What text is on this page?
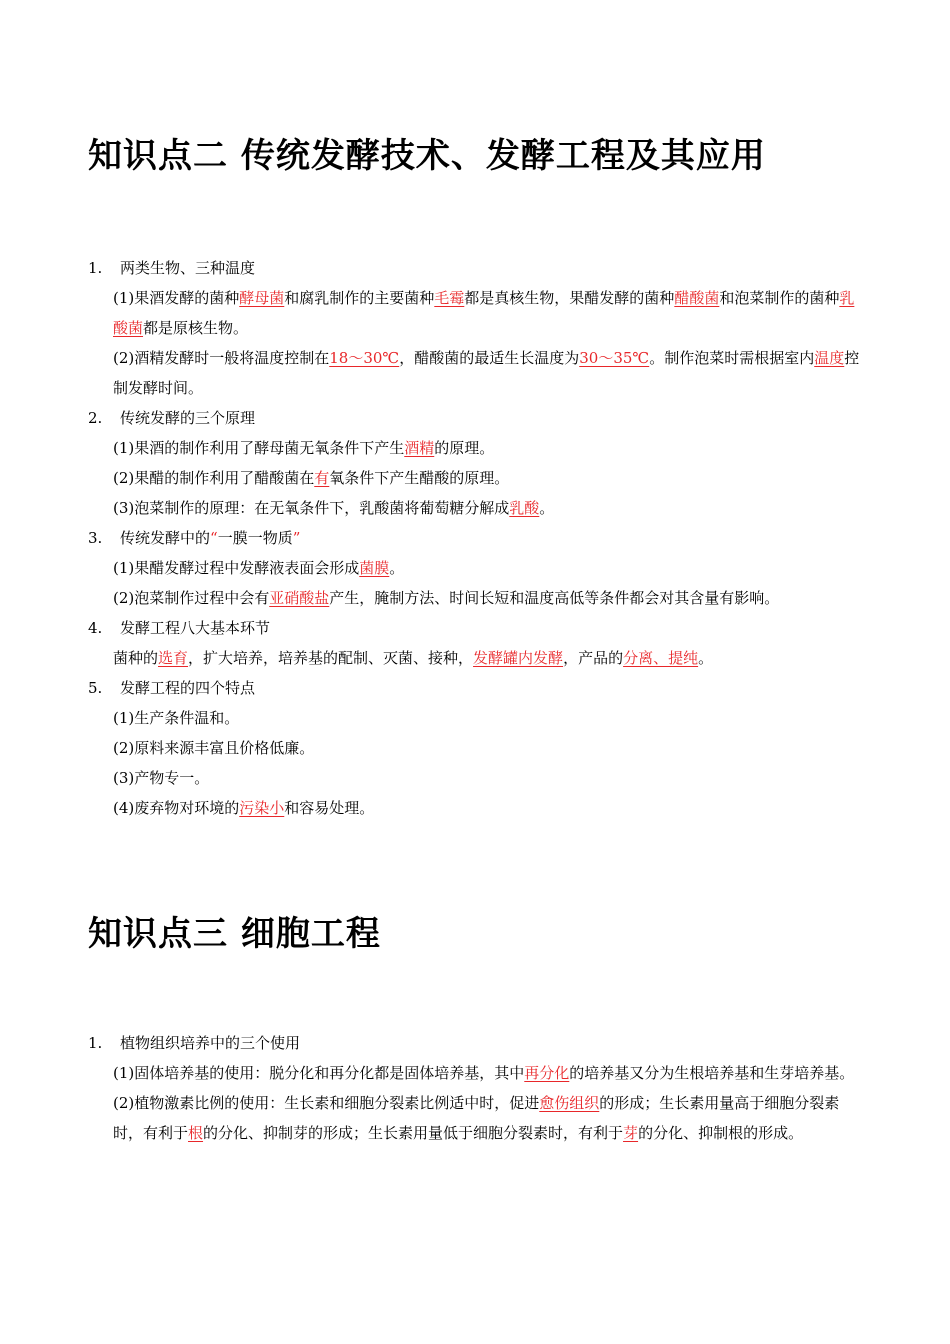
知识点二 传统发酵技术、发酵工程及其应用
1.	两类生物、三种温度
(1)果酒发酵的菌种酵母菌和腐乳制作的主要菌种毛霉都是真核生物，果醋发酵的菌种醋酸菌和泡菜制作的菌种乳酸菌都是原核生物。
(2)酒精发酵时一般将温度控制在18～30℃，醋酸菌的最适生长温度为30～35℃。制作泡菜时需根据室内温度控制发酵时间。
2.	传统发酵的三个原理
(1)果酒的制作利用了酵母菌无氧条件下产生酒精的原理。
(2)果醋的制作利用了醋酸菌在有氧条件下产生醋酸的原理。
(3)泡菜制作的原理：在无氧条件下，乳酸菌将葡萄糖分解成乳酸。
3.	传统发酵中的“一膜一物质”
(1)果醋发酵过程中发酵液表面会形成菌膜。
(2)泡菜制作过程中会有亚硝酸盐产生，腌制方法、时间长短和温度高低等条件都会对其含量有影响。
4.	发酵工程八大基本环节
菌种的选育，扩大培养，培养基的配制、灭菌、接种，发酵罐内发酵，产品的分离、提纯。
5.	发酵工程的四个特点
(1)生产条件温和。
(2)原料来源丰富且价格低廉。
(3)产物专一。
(4)废弃物对环境的污染小和容易处理。
知识点三 细胞工程
1.	植物组织培养中的三个使用
(1)固体培养基的使用：脱分化和再分化都是固体培养基，其中再分化的培养基又分为生根培养基和生芽培养基。
(2)植物激素比例的使用：生长素和细胞分裂素比例适中时，促进愈伤组织的形成；生长素用量高于细胞分裂素时，有利于根的分化、抑制芽的形成；生长素用量低于细胞分裂素时，有利于芽的分化、抑制根的形成。
